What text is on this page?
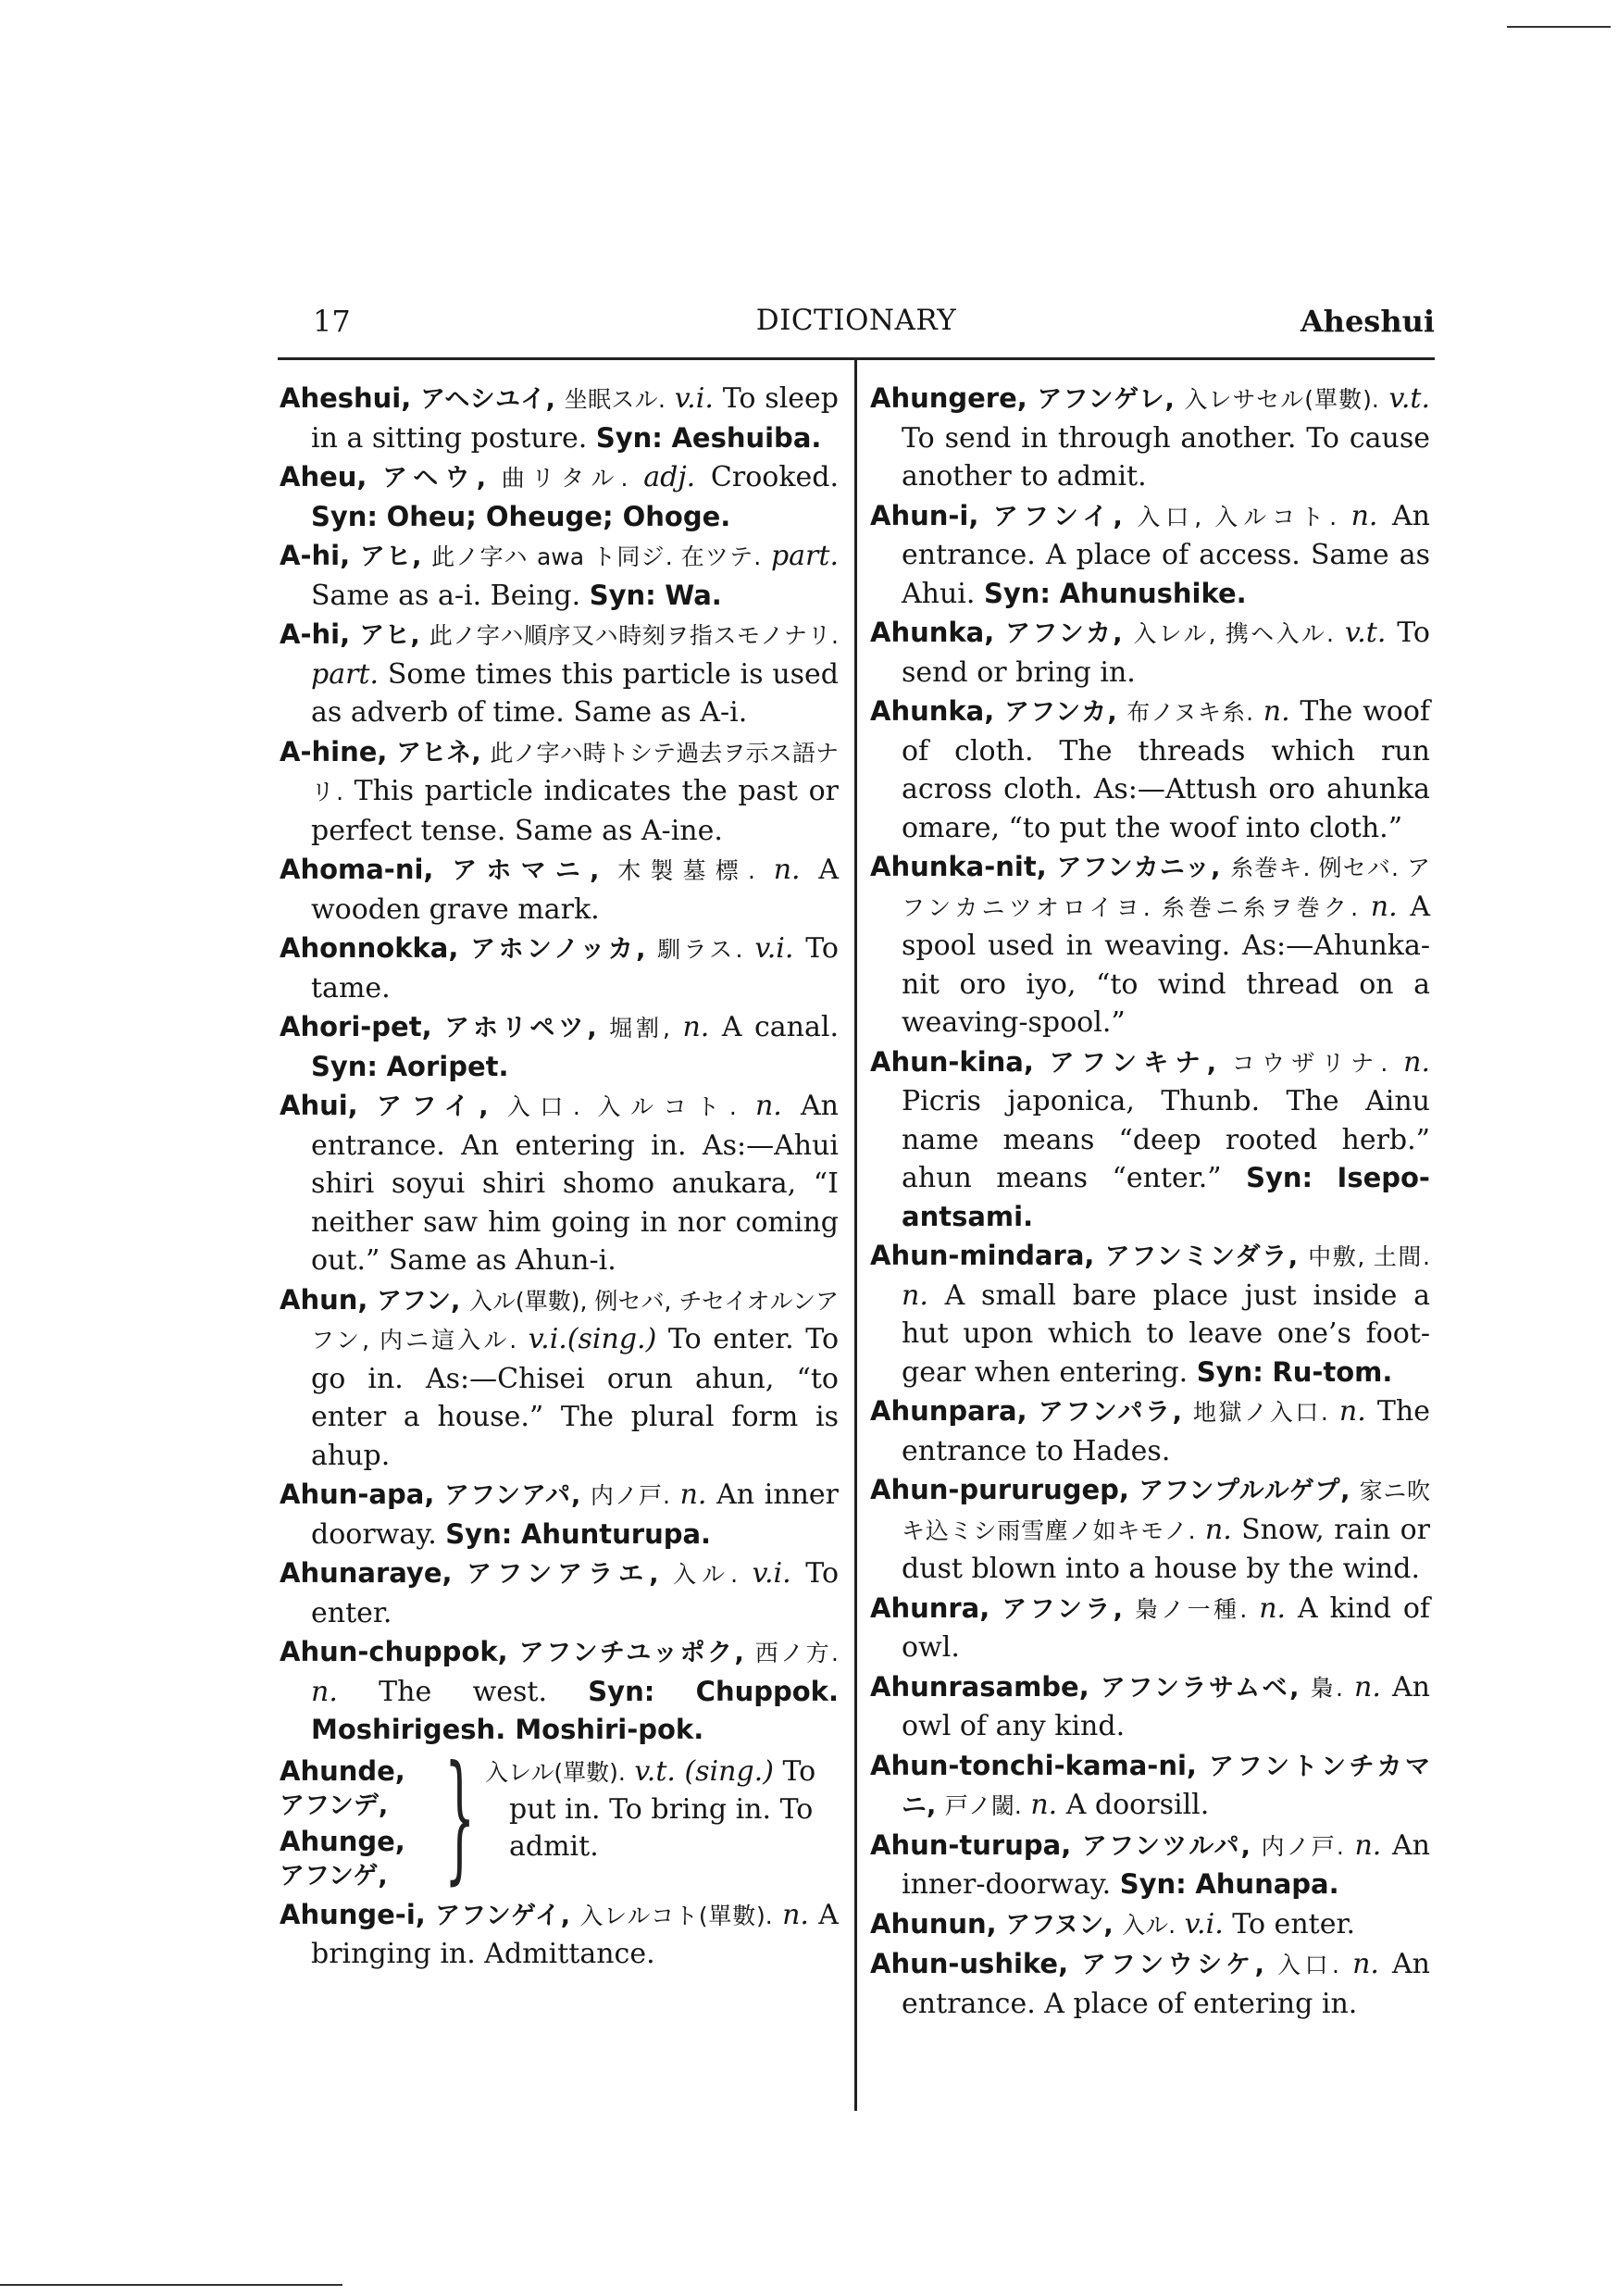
17	DICTIONARY	Aheshui

Aheshui, アヘシユイ, 坐眠スル. v.i. To sleep in a sitting posture. Syn: Aeshuiba.

Aheu, アヘウ, 曲リタル. adj. Crooked. Syn: Oheu; Oheuge; Ohoge.

A-hi, アヒ, 此ノ字ハ awa ト同ジ. 在ツテ. part. Same as a-i. Being. Syn: Wa.

A-hi, アヒ, 此ノ字ハ順序又ハ時刻ヲ指スモノナリ. part. Some times this particle is used as adverb of time. Same as A-i.

A-hine, アヒネ, 此ノ字ハ時トシテ過去ヲ示ス語ナリ. This particle indicates the past or perfect tense. Same as A-ine.

Ahoma-ni, アホマニ, 木製墓標. n. A wooden grave mark.

Ahonnokka, アホンノッカ, 馴ラス. v.i. To tame.

Ahori-pet, アホリペツ, 堀割, n. A canal. Syn: Aoripet.

Ahui, アフイ, 入口. 入ルコト. n. An entrance. An entering in. As:—Ahui shiri soyui shiri shomo anukara, “I neither saw him going in nor coming out.” Same as Ahun-i.

Ahun, アフン, 入ル(單數), 例セバ, チセイオルンアフン, 内ニ這入ル. v.i.(sing.) To enter. To go in. As:—Chisei orun ahun, “to enter a house.” The plural form is ahup.

Ahun-apa, アフンアパ, 内ノ戸. n. An inner doorway. Syn: Ahunturupa.

Ahunaraye, アフンアラエ, 入ル. v.i. To enter.

Ahun-chuppok, アフンチユッポク, 西ノ方. n. The west. Syn: Chuppok. Moshirigesh. Moshiri-pok.

Ahunde,
アフンデ,
Ahunge,
アフンゲ, } 入レル(單數). v.t. (sing.) To put in. To bring in. To admit.

Ahunge-i, アフンゲイ, 入レルコト(單數). n. A bringing in. Admittance.

Ahungere, アフンゲレ, 入レサセル(單數). v.t. To send in through another. To cause another to admit.

Ahun-i, アフンイ, 入口, 入ルコト. n. An entrance. A place of access. Same as Ahui. Syn: Ahunushike.

Ahunka, アフンカ, 入レル, 携ヘ入ル. v.t. To send or bring in.

Ahunka, アフンカ, 布ノヌキ糸. n. The woof of cloth. The threads which run across cloth. As:—Attush oro ahunka omare, “to put the woof into cloth.”

Ahunka-nit, アフンカニッ, 糸巻キ. 例セバ. アフンカニツオロイヨ. 糸巻ニ糸ヲ巻ク. n. A spool used in weaving. As:—Ahunka-nit oro iyo, “to wind thread on a weaving-spool.”

Ahun-kina, アフンキナ, コウザリナ. n. Picris japonica, Thunb. The Ainu name means “deep rooted herb.” ahun means “enter.” Syn: Isepo-antsami.

Ahun-mindara, アフンミンダラ, 中敷, 土間. n. A small bare place just inside a hut upon which to leave one’s foot-gear when entering. Syn: Ru-tom.

Ahunpara, アフンパラ, 地獄ノ入口. n. The entrance to Hades.

Ahun-pururugep, アフンプルルゲプ, 家ニ吹キ込ミシ雨雪塵ノ如キモノ. n. Snow, rain or dust blown into a house by the wind.

Ahunra, アフンラ, 梟ノ一種. n. A kind of owl.

Ahunrasambe, アフンラサムベ, 梟. n. An owl of any kind.

Ahun-tonchi-kama-ni, アフントンチカマニ, 戸ノ閾. n. A doorsill.

Ahun-turupa, アフンツルパ, 内ノ戸. n. An inner-doorway. Syn: Ahunapa.

Ahunun, アフヌン, 入ル. v.i. To enter.

Ahun-ushike, アフンウシケ, 入口. n. An entrance. A place of entering in.
